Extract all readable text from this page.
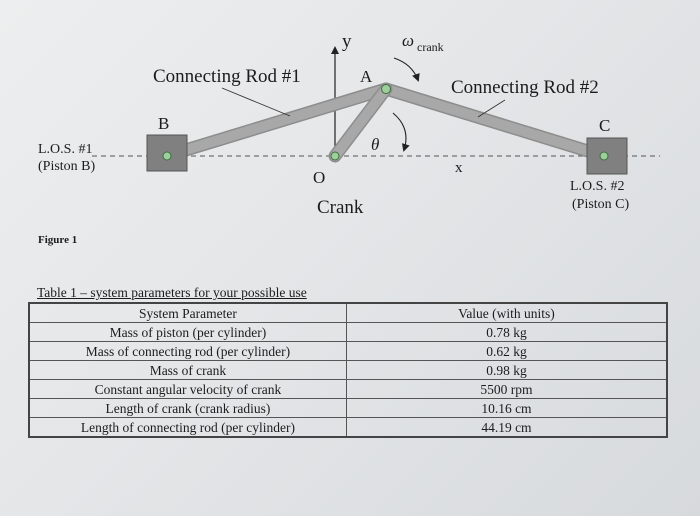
y	ω crank
Connecting Rod #1	A
Connecting Rod #2
B	C
θ
L.O.S. #1
(Piston B)	x
O	L.O.S. #2
(Piston C)
Crank
Figure 1
Table 1 – system parameters for your possible use
System Parameter	Value (with units)
Mass of piston (per cylinder)	0.78 kg
Mass of connecting rod (per cylinder)	0.62 kg
Mass of crank	0.98 kg
Constant angular velocity of crank	5500 rpm
Length of crank (crank radius)	10.16 cm
Length of connecting rod (per cylinder)	44.19 cm
